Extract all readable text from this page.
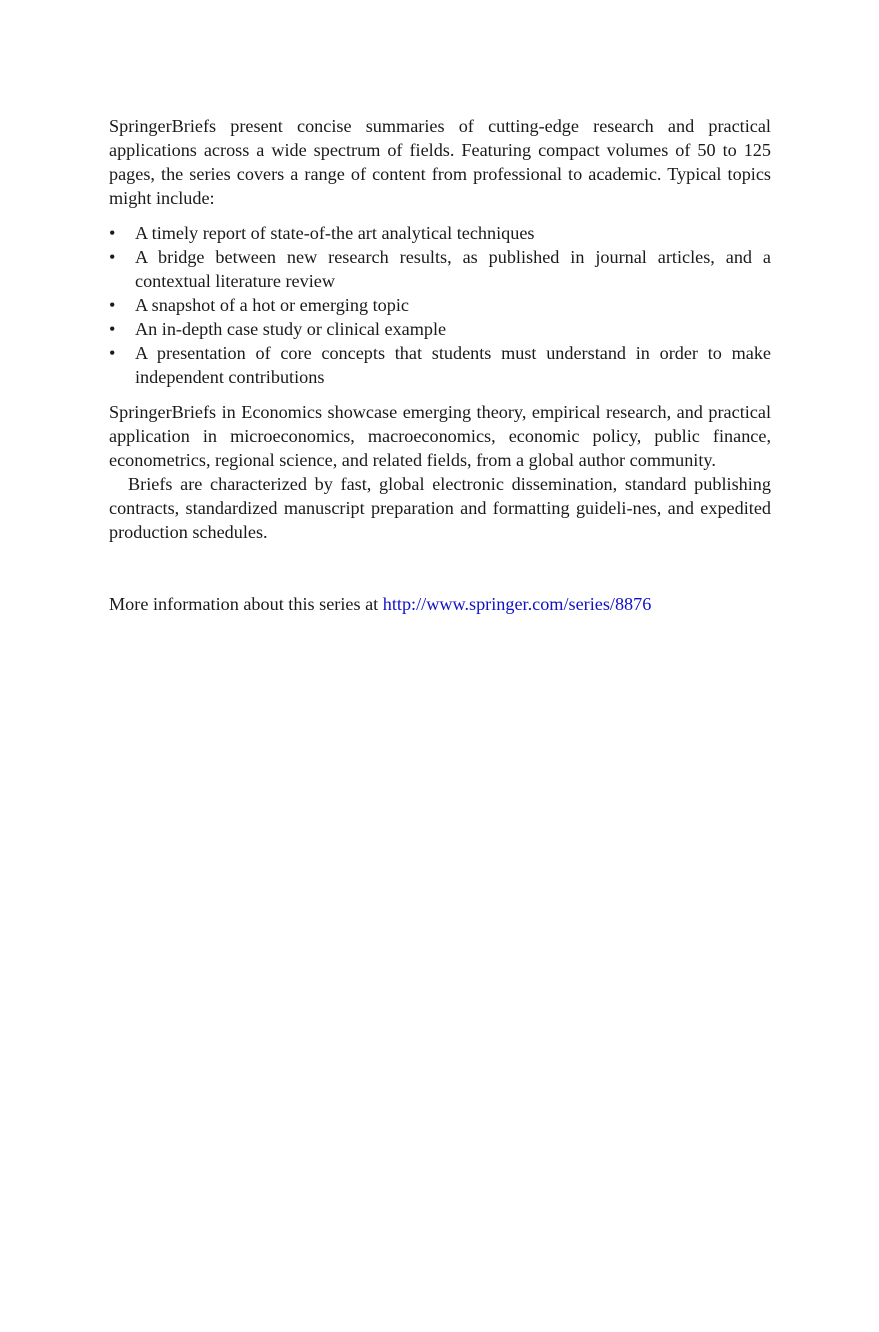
SpringerBriefs present concise summaries of cutting-edge research and practical applications across a wide spectrum of fields. Featuring compact volumes of 50 to 125 pages, the series covers a range of content from professional to academic. Typical topics might include:

•	A timely report of state-of-the art analytical techniques
•	A bridge between new research results, as published in journal articles, and a contextual literature review
•	A snapshot of a hot or emerging topic
•	An in-depth case study or clinical example
•	A presentation of core concepts that students must understand in order to make independent contributions

SpringerBriefs in Economics showcase emerging theory, empirical research, and practical application in microeconomics, macroeconomics, economic policy, public finance, econometrics, regional science, and related fields, from a global author community.

Briefs are characterized by fast, global electronic dissemination, standard publishing contracts, standardized manuscript preparation and formatting guideli-nes, and expedited production schedules.

More information about this series at http://www.springer.com/series/8876
